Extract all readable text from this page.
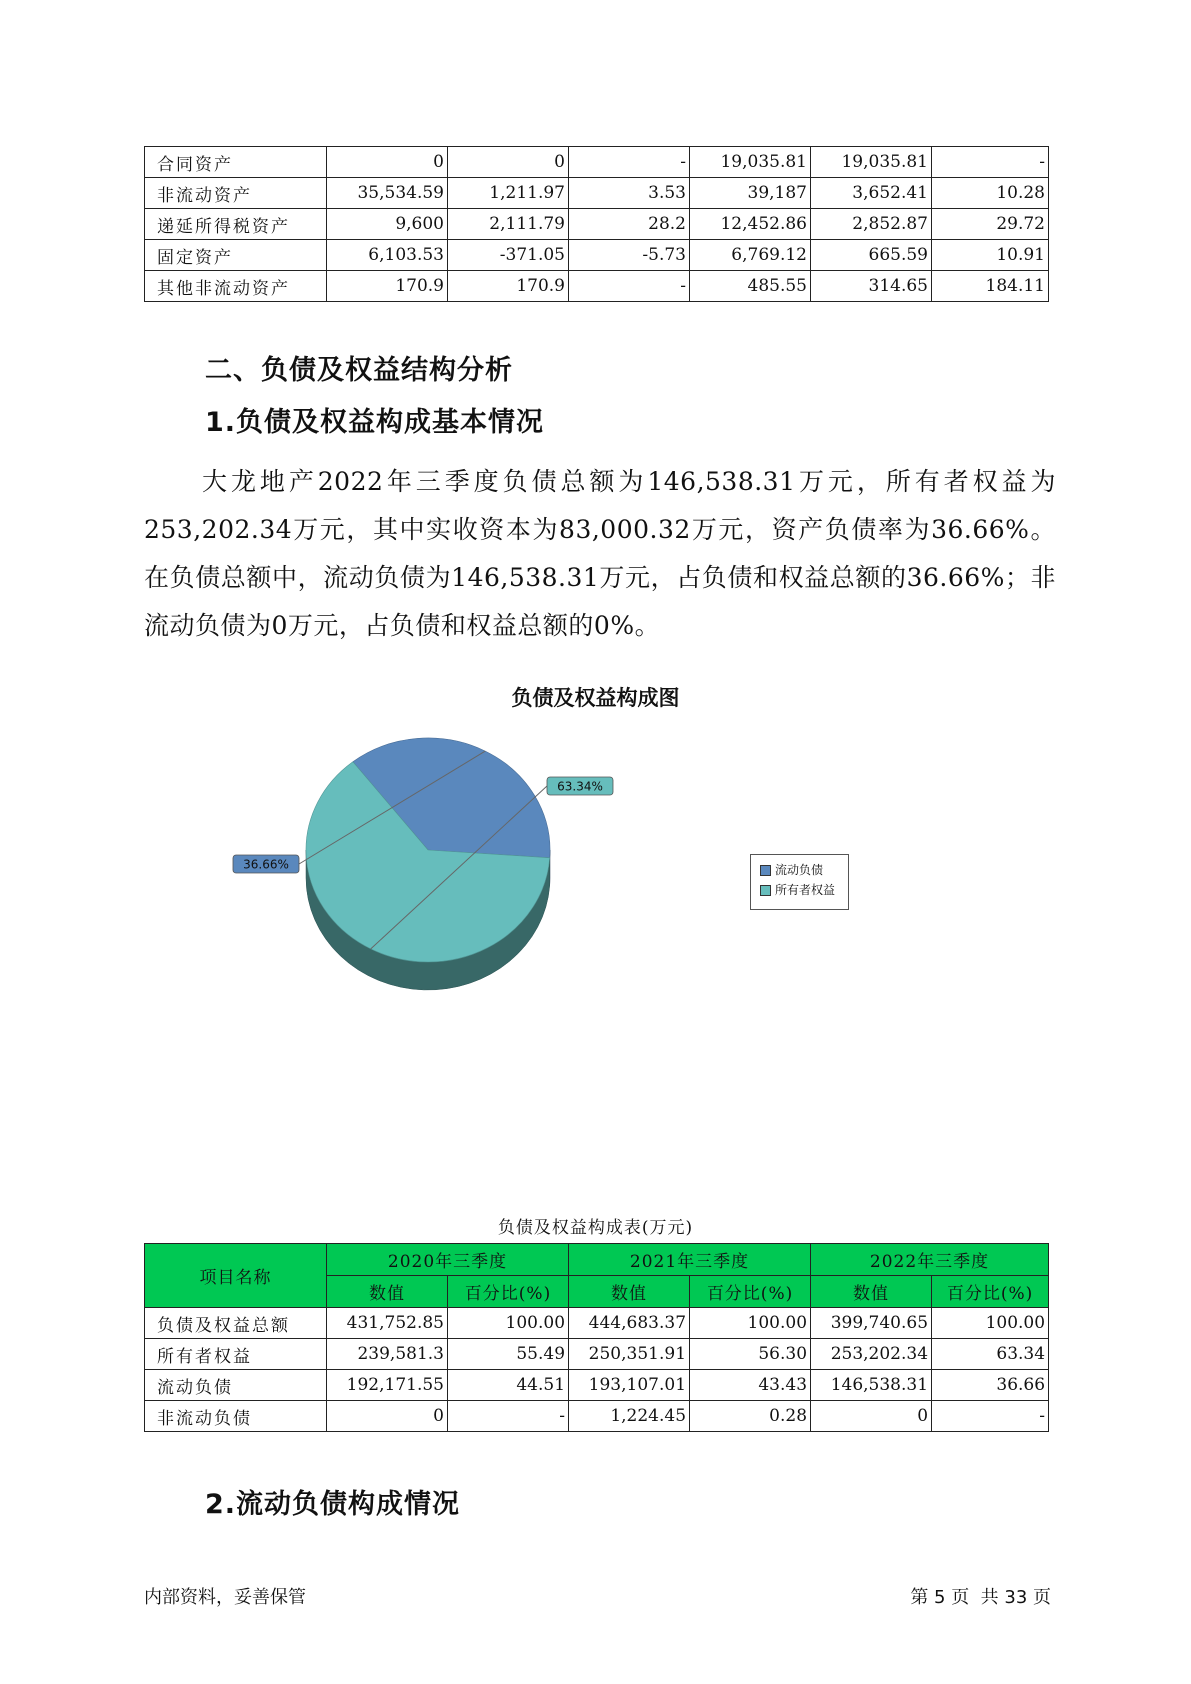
合同资产	0	0	-	19,035.81	19,035.81	-
非流动资产	35,534.59	1,211.97	3.53	39,187	3,652.41	10.28
递延所得税资产	9,600	2,111.79	28.2	12,452.86	2,852.87	29.72
固定资产	6,103.53	-371.05	-5.73	6,769.12	665.59	10.91
其他非流动资产	170.9	170.9	-	485.55	314.65	184.11
二、负债及权益结构分析
1.负债及权益构成基本情况
大龙地产2022年三季度负债总额为146,538.31万元，所有者权益为253,202.34万元，其中实收资本为83,000.32万元，资产负债率为36.66%。在负债总额中，流动负债为146,538.31万元，占负债和权益总额的36.66%；非流动负债为0万元，占负债和权益总额的0%。
负债及权益构成图
36.66%
63.34%
流动负债
所有者权益
负债及权益构成表(万元)
项目名称	2020年三季度		2021年三季度		2022年三季度	
	数值	百分比(%)	数值	百分比(%)	数值	百分比(%)
负债及权益总额	431,752.85	100.00	444,683.37	100.00	399,740.65	100.00
所有者权益	239,581.3	55.49	250,351.91	56.30	253,202.34	63.34
流动负债	192,171.55	44.51	193,107.01	43.43	146,538.31	36.66
非流动负债	0	-	1,224.45	0.28	0	-
2.流动负债构成情况
内部资料，妥善保管	第 5 页  共 33 页
